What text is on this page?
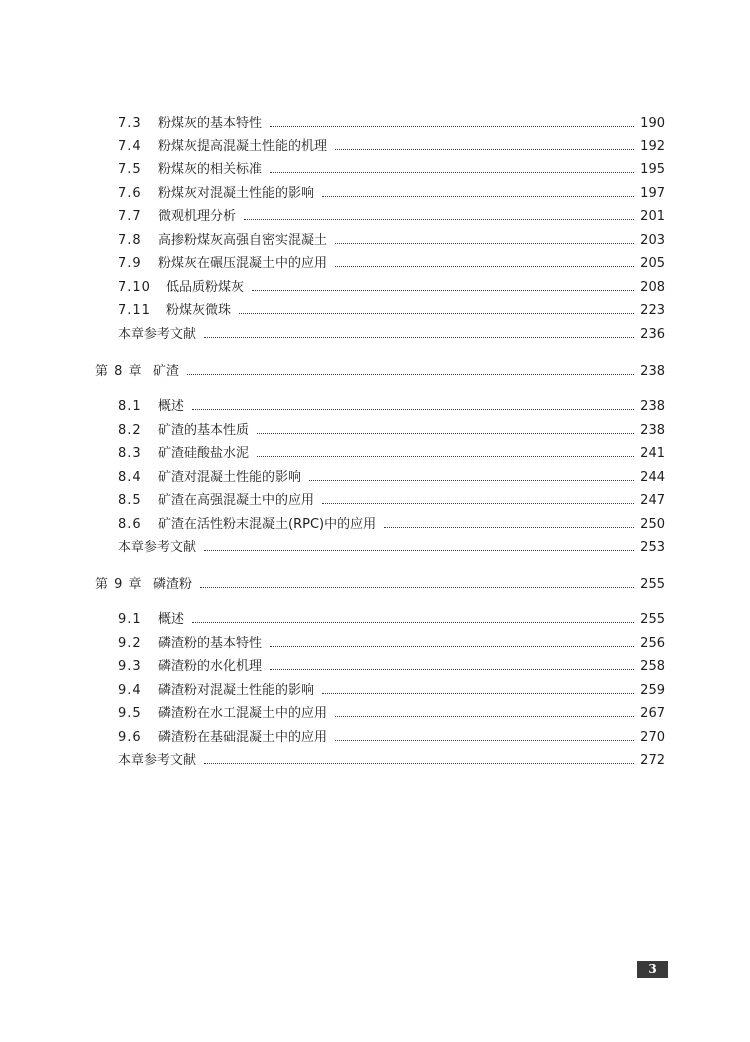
7.3	粉煤灰的基本特性	190
7.4	粉煤灰提高混凝土性能的机理	192
7.5	粉煤灰的相关标准	195
7.6	粉煤灰对混凝土性能的影响	197
7.7	微观机理分析	201
7.8	高掺粉煤灰高强自密实混凝土	203
7.9	粉煤灰在碾压混凝土中的应用	205
7.10	低品质粉煤灰	208
7.11	粉煤灰微珠	223
本章参考文献	236
第 8 章 矿渣	238
8.1	概述	238
8.2	矿渣的基本性质	238
8.3	矿渣硅酸盐水泥	241
8.4	矿渣对混凝土性能的影响	244
8.5	矿渣在高强混凝土中的应用	247
8.6	矿渣在活性粉末混凝土(RPC)中的应用	250
本章参考文献	253
第 9 章 磷渣粉	255
9.1	概述	255
9.2	磷渣粉的基本特性	256
9.3	磷渣粉的水化机理	258
9.4	磷渣粉对混凝土性能的影响	259
9.5	磷渣粉在水工混凝土中的应用	267
9.6	磷渣粉在基础混凝土中的应用	270
本章参考文献	272
3
